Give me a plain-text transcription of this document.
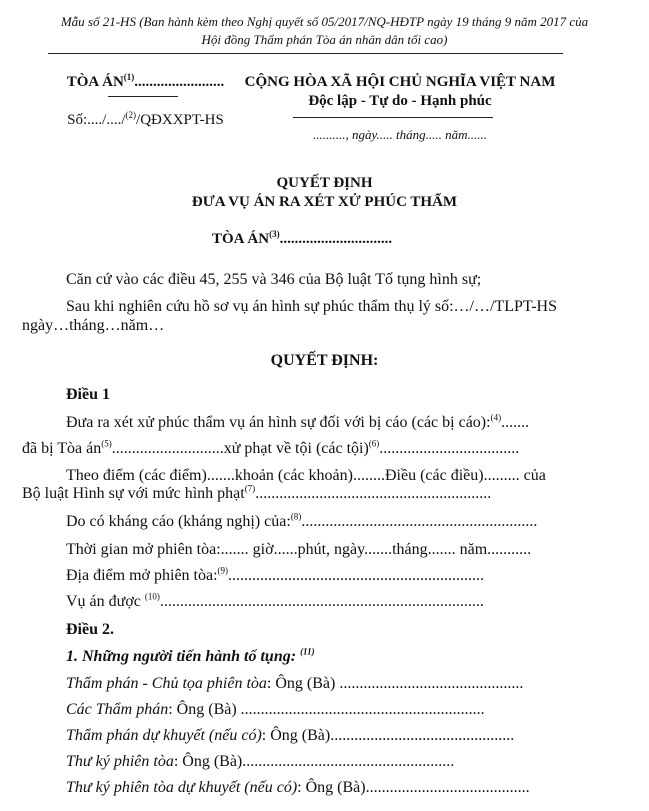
Mẫu số 21-HS (Ban hành kèm theo Nghị quyết số 05/2017/NQ-HĐTP ngày 19 tháng 9 năm 2017 của
Hội đồng Thẩm phán Tòa án nhân dân tối cao)
TÒA ÁN$^{(1)}$........................
Số:..../..../$^{(2)}$/QĐXXPT-HS
CỘNG HÒA XÃ HỘI CHỦ NGHĨA VIỆT NAM
Độc lập - Tự do - Hạnh phúc
.........., ngày..... tháng..... năm......
QUYẾT ĐỊNH
ĐƯA VỤ ÁN RA XÉT XỬ PHÚC THẨM
TÒA ÁN$^{(3)}$..............................
Căn cứ vào các điều 45, 255 và 346 của Bộ luật Tố tụng hình sự;
Sau khi nghiên cứu hồ sơ vụ án hình sự phúc thẩm thụ lý số:…/…/TLPT-HS
ngày…tháng…năm…
QUYẾT ĐỊNH:
Điều 1
Đưa ra xét xử phúc thẩm vụ án hình sự đối với bị cáo (các bị cáo):$^{(4)}$.......
đã bị Tòa $án^{(5)}............................xử$ phạt về tội (các tội)$^{(6)}$...................................
Theo điểm (các điểm).......khoản (các khoản)........Điều (các điều)......... của
Bộ luật Hình sự với mức hình phạt$^{(7)}$...........................................................
Do có kháng cáo (kháng nghị) của:$^{(8)}$...........................................................
Thời gian mở phiên tòa:....... giờ......phút, ngày.......tháng....... năm...........
Địa điểm mở phiên tòa:$^{(9)}$................................................................
Vụ án được $^{(10)}$.................................................................................
Điều 2.
1. Những người tiến hành tố tụng: $^{(11)}$
Thẩm phán - Chủ tọa phiên tòa: Ông (Bà) ..............................................
Các Thẩm phán: Ông (Bà) .............................................................
Thẩm phán dự khuyết (nếu có): Ông (Bà)..............................................
Thư ký phiên tòa: Ông (Bà).....................................................
Thư ký phiên tòa dự khuyết (nếu có): Ông (Bà).........................................
